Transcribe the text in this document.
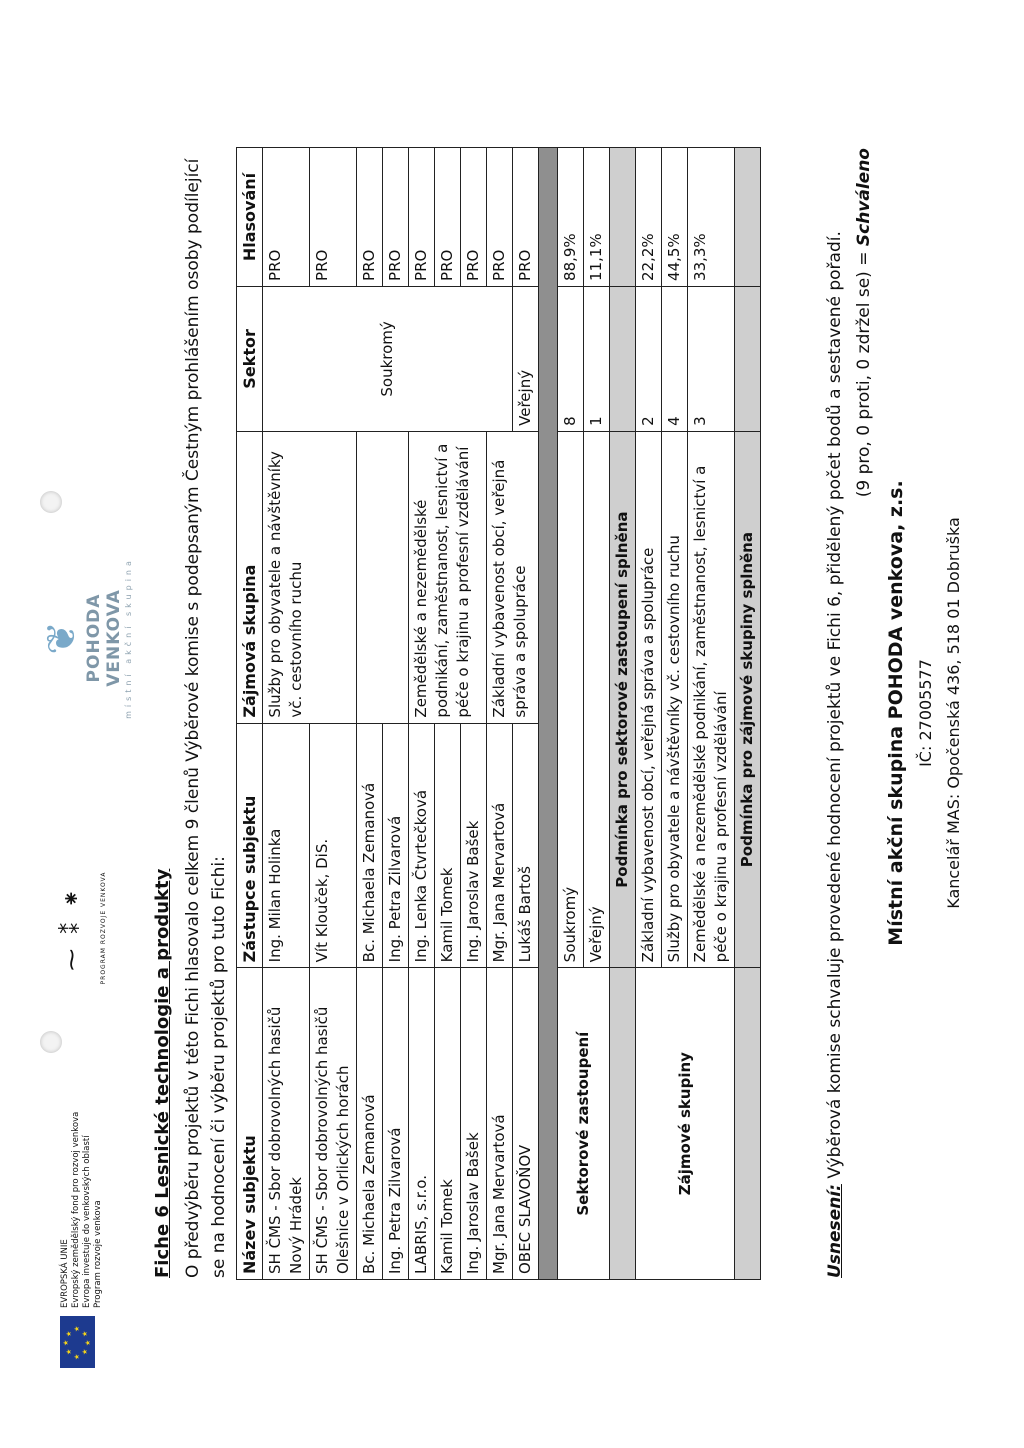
★
★
★
★
★
★
★
★
EVROPSKÁ UNIE Evropský zemědělský fond pro rozvoj venkova Evropa investuje do venkovských oblastí Program rozvoje venkova
⁓ ⁑ ⁕	PROGRAM ROZVOJE VENKOVA
❦ POHODA VENKOVA místní akční skupina
Fiche 6 Lesnické technologie a produkty O předvýběru projektů v této Fichi hlasovalo celkem 9 členů Výběrové komise s podepsaným Čestným prohlášením osoby podílející se na hodnocení či výběru projektů pro tuto Fichi: Název subjektu	Zástupce subjektu	Zájmová skupina	Sektor	Hlasování
SH ČMS - Sbor dobrovolných hasičů Nový Hrádek	Ing. Milan Holinka	Služby pro obyvatele a návštěvníky vč. cestovního ruchu	Soukromý	PRO
SH ČMS - Sbor dobrovolných hasičů Olešnice v Orlických horách	Vít Klouček, DiS.			PRO
Bc. Michaela Zemanová	Bc. Michaela Zemanová			PRO
Ing. Petra Zilvarová	Ing. Petra Zilvarová			PRO
LABRIS, s.r.o.	Ing. Lenka Čtvrtečková	Zemědělské a nezemědělské podnikání, zaměstnanost, lesnictví a péče o krajinu a profesní vzdělávání		PRO
Kamil Tomek	Kamil Tomek			PRO
Ing. Jaroslav Bašek	Ing. Jaroslav Bašek			PRO
Mgr. Jana Mervartová	Mgr. Jana Mervartová	Základní vybavenost obcí, veřejná správa a spolupráce		PRO
OBEC SLAVOŇOV	Lukáš Bartoš		Veřejný	PRO

Sektorové zastoupení	Soukromý		8	88,9%
	Veřejný		1	11,1%
	Podmínka pro sektorové zastoupení splněna			
Zájmové skupiny	Základní vybavenost obcí, veřejná správa a spolupráce		2	22,2%
	Služby pro obyvatele a návštěvníky vč. cestovního ruchu		4	44,5%
	Zemědělské a nezemědělské podnikání, zaměstnanost, lesnictví a péče o krajinu a profesní vzdělávání		3	33,3%
	Podmínka pro zájmové skupiny splněna			
Usnesení: Výběrová komise schvaluje provedené hodnocení projektů ve Fichi 6, přidělený počet bodů a sestavené pořadí. (9 pro, 0 proti, 0 zdržel se) = Schváleno
Místní akční skupina POHODA venkova, z.s. IČ: 27005577 Kancelář MAS: Opočenská 436, 518 01 Dobruška
